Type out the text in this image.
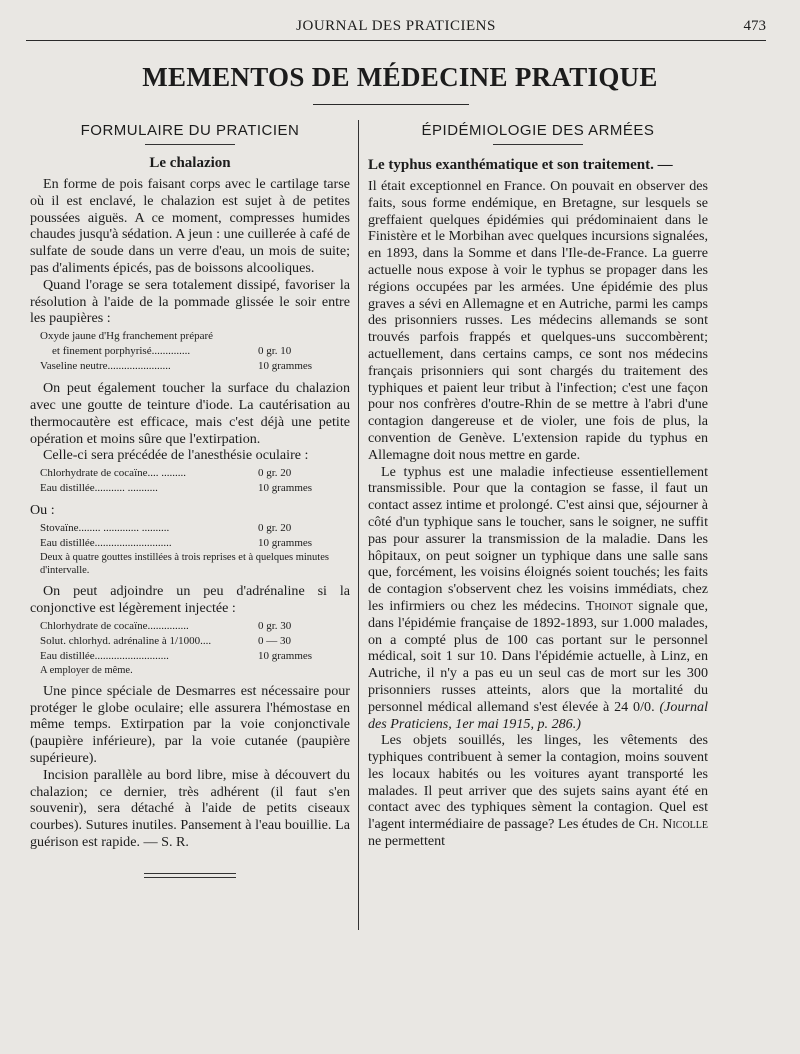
JOURNAL DES PRATICIENS	473
MEMENTOS DE MÉDECINE PRATIQUE
FORMULAIRE DU PRATICIEN
Le chalazion

En forme de pois faisant corps avec le cartilage tarse où il est enclavé, le chalazion est sujet à de petites poussées aiguës. A ce moment, compresses humides chaudes jusqu'à sédation. A jeun : une cuillerée à café de sulfate de soude dans un verre d'eau, un mois de suite; pas d'aliments épicés, pas de boissons alcooliques.

Quand l'orage se sera totalement dissipé, favoriser la résolution à l'aide de la pommade glissée le soir entre les paupières :

Oxyde jaune d'Hg franchement préparé
et finement porphyrisé..............	0 gr. 10
Vaseline neutre.......................	10 grammes

On peut également toucher la surface du chalazion avec une goutte de teinture d'iode. La cautérisation au thermocautère est efficace, mais c'est déjà une petite opération et moins sûre que l'extirpation.

Celle-ci sera précédée de l'anesthésie oculaire :

Chlorhydrate de cocaïne.... .........	0 gr. 20
Eau distillée........... ...........	10 grammes
Ou :
Stovaïne........ ............. ..........	0 gr. 20
Eau distillée............................	10 grammes
Deux à quatre gouttes instillées à trois reprises et à quelques minutes d'intervalle.

On peut adjoindre un peu d'adrénaline si la conjonctive est légèrement injectée :

Chlorhydrate de cocaïne...............	0 gr. 30
Solut. chlorhyd. adrénaline à 1/1000....	0 — 30
Eau distillée...........................	10 grammes
A employer de même.

Une pince spéciale de Desmarres est nécessaire pour protéger le globe oculaire; elle assurera l'hémostase en même temps. Extirpation par la voie conjonctivale (paupière inférieure), par la voie cutanée (paupière supérieure).

Incision parallèle au bord libre, mise à découvert du chalazion; ce dernier, très adhérent (il faut s'en souvenir), sera détaché à l'aide de petits ciseaux courbes). Sutures inutiles. Pansement à l'eau bouillie. La guérison est rapide. — S. R.

ÉPIDÉMIOLOGIE DES ARMÉES
Le typhus exanthématique et son traitement. —

Il était exceptionnel en France. On pouvait en observer des faits, sous forme endémique, en Bretagne, sur lesquels se greffaient quelques épidémies qui prédominaient dans le Finistère et le Morbihan avec quelques incursions signalées, en 1893, dans la Somme et dans l'Ile-de-France. La guerre actuelle nous expose à voir le typhus se propager dans les régions occupées par les armées. Une épidémie des plus graves a sévi en Allemagne et en Autriche, parmi les camps des prisonniers russes. Les médecins allemands se sont trouvés parfois frappés et quelques-uns succombèrent; actuellement, dans certains camps, ce sont nos médecins français prisonniers qui sont chargés du traitement des typhiques et paient leur tribut à l'infection; c'est une façon pour nos confrères d'outre-Rhin de se mettre à l'abri d'une contagion dangereuse et de violer, une fois de plus, la convention de Genève. L'extension rapide du typhus en Allemagne doit nous mettre en garde.

Le typhus est une maladie infectieuse essentiellement transmissible. Pour que la contagion se fasse, il faut un contact assez intime et prolongé. C'est ainsi que, séjourner à côté d'un typhique sans le toucher, sans le soigner, ne suffit pas pour assurer la transmission de la maladie. Dans les hôpitaux, on peut soigner un typhique dans une salle sans que, forcément, les voisins éloignés soient touchés; les faits de contagion s'observent chez les voisins immédiats, chez les infirmiers ou chez les médecins. Thoinot signale que, dans l'épidémie française de 1892-1893, sur 1.000 malades, on a compté plus de 100 cas portant sur le personnel médical, soit 1 sur 10. Dans l'épidémie actuelle, à Linz, en Autriche, il n'y a pas eu un seul cas de mort sur les 300 prisonniers russes atteints, alors que la mortalité du personnel médical allemand s'est élevée à 24 0/0. (Journal des Praticiens, 1er mai 1915, p. 286.)

Les objets souillés, les linges, les vêtements des typhiques contribuent à semer la contagion, moins souvent les locaux habités ou les voitures ayant transporté les malades. Il peut arriver que des sujets sains ayant été en contact avec des typhiques sèment la contagion. Quel est l'agent intermédiaire de passage? Les études de Ch. Nicolle ne permettent
